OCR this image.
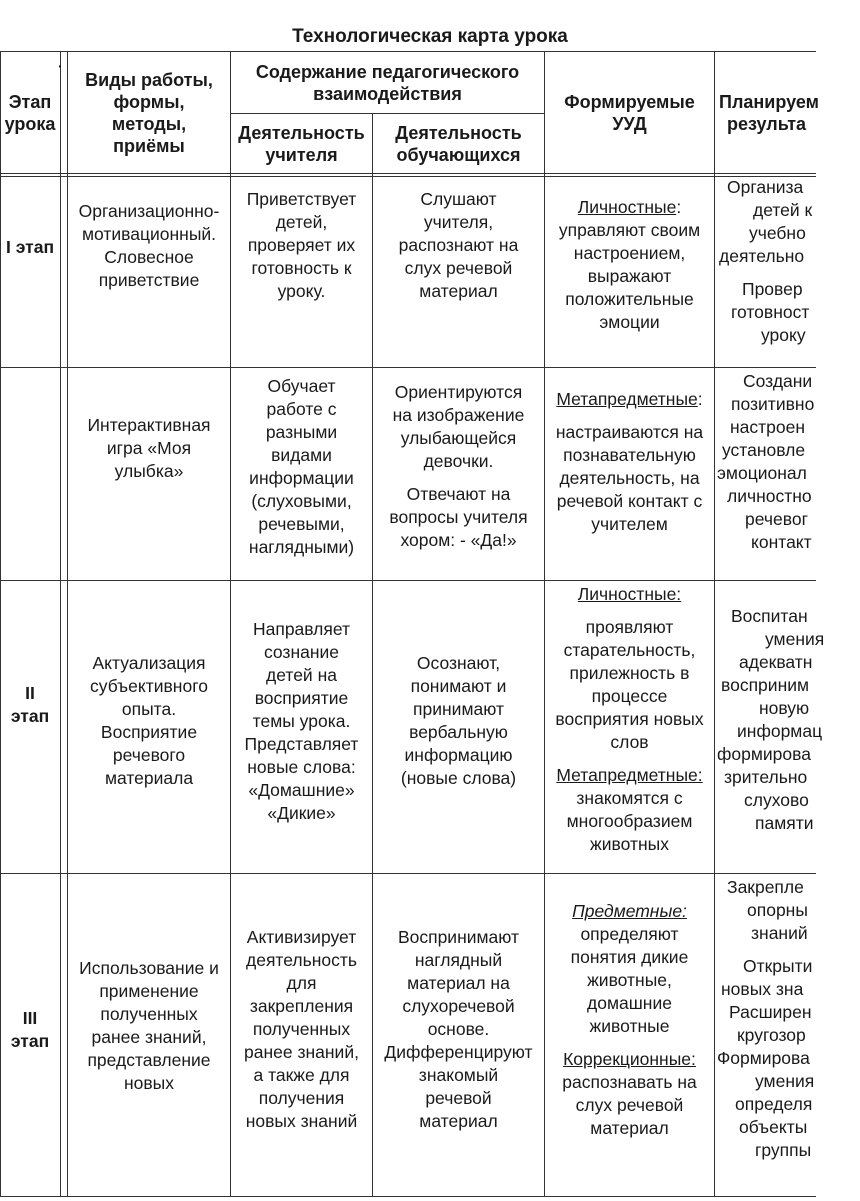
Технологическая карта урока
·

Этап

урока

Виды работы,

формы,

методы,

приёмы

Содержание педагогического

взаимодействия

Деятельность

учителя

Деятельность

обучающихся

Формируемые

УУД

Планируем

результа

I этап

Организационно-

мотивационный.

Словесное

приветствие

Приветствует

детей,

проверяет их

готовность к

уроку.

Слушают

учителя,

распознают на

слух речевой

материал

Личностные:

управляют своим

настроением,

выражают

положительные

эмоции

Организа

детей к

учебно

деятельно

Провер

готовност

уроку

Интерактивная

игра «Моя

улыбка»

Обучает

работе с

разными

видами

информации

(слуховыми,

речевыми,

наглядными)

Ориентируются

на изображение

улыбающейся

девочки.

Отвечают на

вопросы учителя

хором: - «Да!»

Метапредметные:

настраиваются на

познавательную

деятельность, на

речевой контакт с

учителем

Создани

позитивно

настроен

установле

эмоционал

личностно

речевог

контакт

II

этап

Актуализация

субъективного

опыта.

Восприятие

речевого

материала

Направляет

сознание

детей на

восприятие

темы урока.

Представляет

новые слова:

«Домашние»

«Дикие»

Осознают,

понимают и

принимают

вербальную

информацию

(новые слова)

Личностные:

проявляют

старательность,

прилежность в

процессе

восприятия новых

слов

Метапредметные:

знакомятся с

многообразием

животных

Воспитан

умения

адекватн

восприним

новую

информац

формирова

зрительно

слухово

памяти

III

этап

Использование и

применение

полученных

ранее знаний,

представление

новых

Активизирует

деятельность

для

закрепления

полученных

ранее знаний,

а также для

получения

новых знаний

Воспринимают

наглядный

материал на

слухоречевой

основе.

Дифференцируют

знакомый

речевой

материал

Предметные:

определяют

понятия дикие

животные,

домашние

животные

Коррекционные:

распознавать на

слух речевой

материал

Закрепле

опорны

знаний

Открыти

новых зна

Расширен

кругозор

Формирова

умения

определя

объекты

группы
